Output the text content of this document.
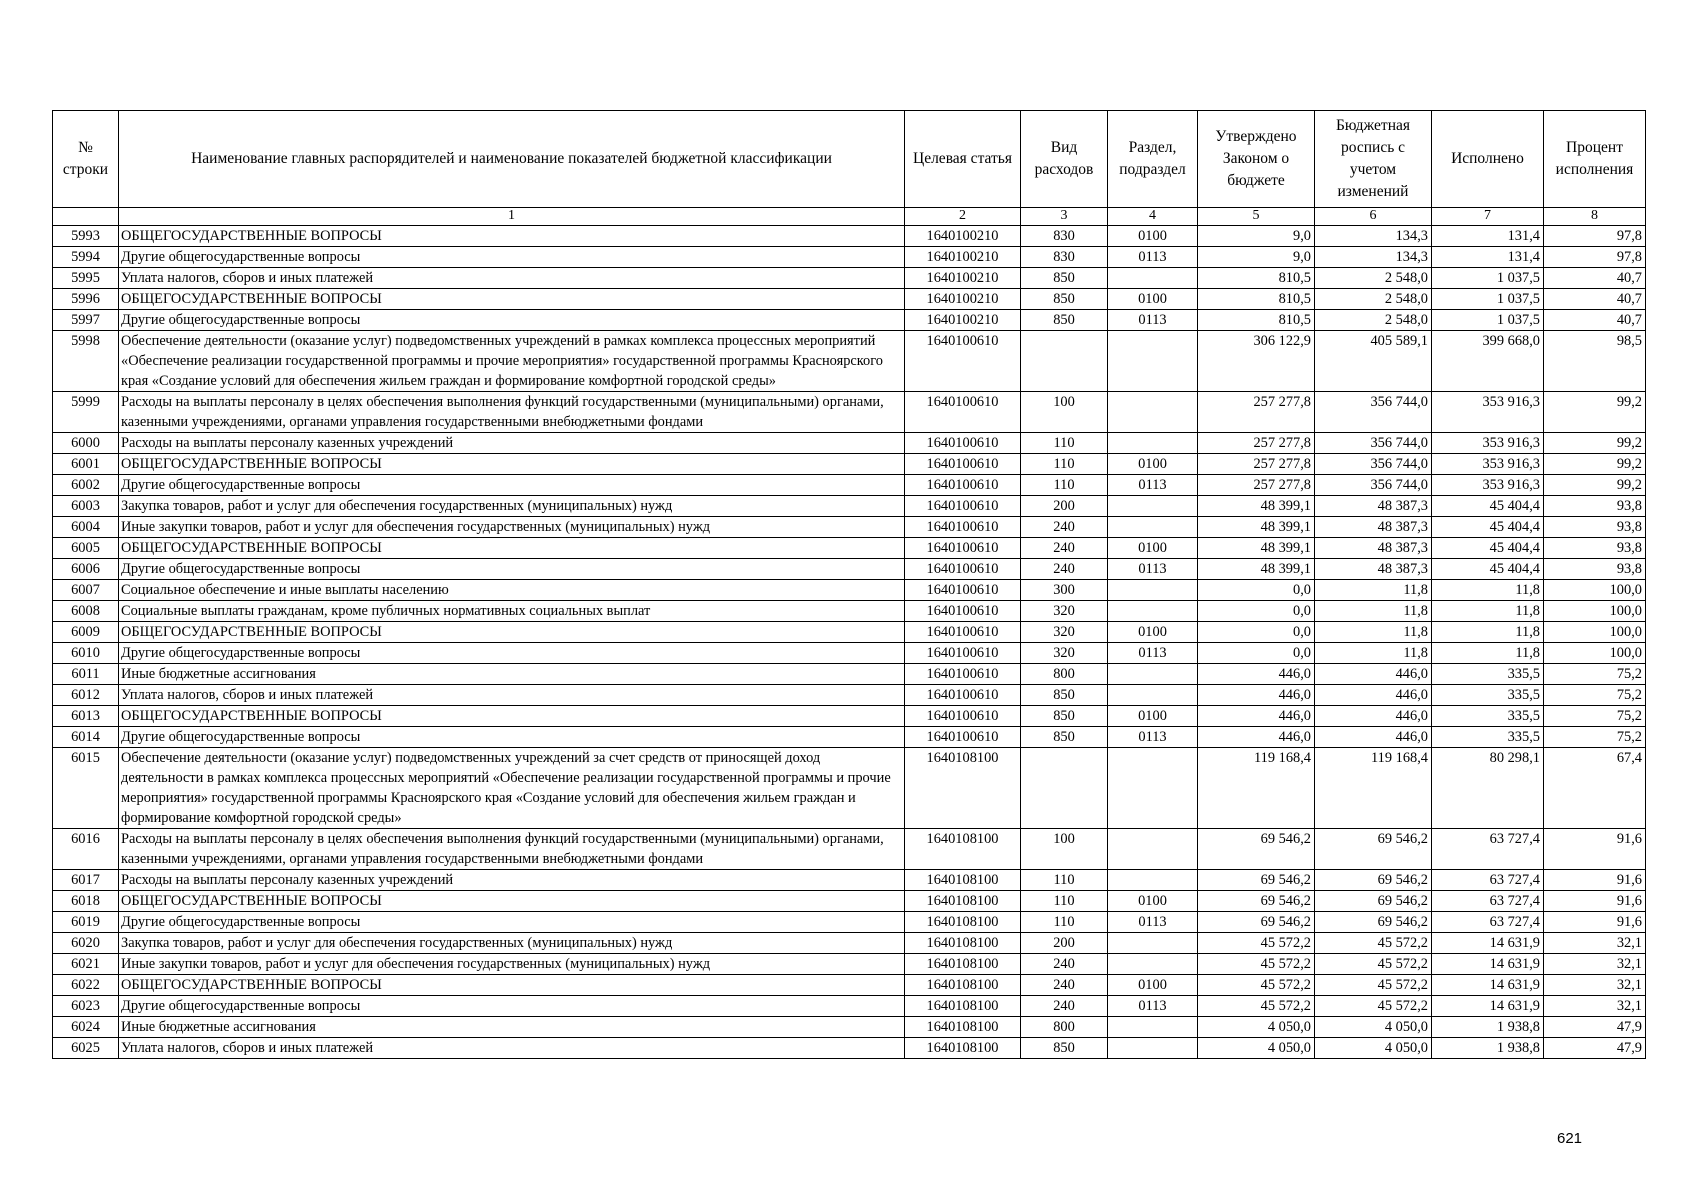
№ строки	Наименование главных распорядителей и наименование показателей бюджетной классификации	Целевая статья	Вид расходов	Раздел, подраздел	Утверждено Законом о бюджете	Бюджетная роспись с учетом изменений	Исполнено	Процент исполнения
	1	2	3	4	5	6	7	8
5993	ОБЩЕГОСУДАРСТВЕННЫЕ ВОПРОСЫ	1640100210	830	0100	9,0	134,3	131,4	97,8
5994	Другие общегосударственные вопросы	1640100210	830	0113	9,0	134,3	131,4	97,8
5995	Уплата налогов, сборов и иных платежей	1640100210	850		810,5	2 548,0	1 037,5	40,7
5996	ОБЩЕГОСУДАРСТВЕННЫЕ ВОПРОСЫ	1640100210	850	0100	810,5	2 548,0	1 037,5	40,7
5997	Другие общегосударственные вопросы	1640100210	850	0113	810,5	2 548,0	1 037,5	40,7
5998	Обеспечение деятельности (оказание услуг) подведомственных учреждений в рамках комплекса процессных мероприятий «Обеспечение реализации государственной программы и прочие мероприятия» государственной программы Красноярского края «Создание условий для обеспечения жильем граждан и формирование комфортной городской среды»	1640100610			306 122,9	405 589,1	399 668,0	98,5
5999	Расходы на выплаты персоналу в целях обеспечения выполнения функций государственными (муниципальными) органами, казенными учреждениями, органами управления государственными внебюджетными фондами	1640100610	100		257 277,8	356 744,0	353 916,3	99,2
6000	Расходы на выплаты персоналу казенных учреждений	1640100610	110		257 277,8	356 744,0	353 916,3	99,2
6001	ОБЩЕГОСУДАРСТВЕННЫЕ ВОПРОСЫ	1640100610	110	0100	257 277,8	356 744,0	353 916,3	99,2
6002	Другие общегосударственные вопросы	1640100610	110	0113	257 277,8	356 744,0	353 916,3	99,2
6003	Закупка товаров, работ и услуг для обеспечения государственных (муниципальных) нужд	1640100610	200		48 399,1	48 387,3	45 404,4	93,8
6004	Иные закупки товаров, работ и услуг для обеспечения государственных (муниципальных) нужд	1640100610	240		48 399,1	48 387,3	45 404,4	93,8
6005	ОБЩЕГОСУДАРСТВЕННЫЕ ВОПРОСЫ	1640100610	240	0100	48 399,1	48 387,3	45 404,4	93,8
6006	Другие общегосударственные вопросы	1640100610	240	0113	48 399,1	48 387,3	45 404,4	93,8
6007	Социальное обеспечение и иные выплаты населению	1640100610	300		0,0	11,8	11,8	100,0
6008	Социальные выплаты гражданам, кроме публичных нормативных социальных выплат	1640100610	320		0,0	11,8	11,8	100,0
6009	ОБЩЕГОСУДАРСТВЕННЫЕ ВОПРОСЫ	1640100610	320	0100	0,0	11,8	11,8	100,0
6010	Другие общегосударственные вопросы	1640100610	320	0113	0,0	11,8	11,8	100,0
6011	Иные бюджетные ассигнования	1640100610	800		446,0	446,0	335,5	75,2
6012	Уплата налогов, сборов и иных платежей	1640100610	850		446,0	446,0	335,5	75,2
6013	ОБЩЕГОСУДАРСТВЕННЫЕ ВОПРОСЫ	1640100610	850	0100	446,0	446,0	335,5	75,2
6014	Другие общегосударственные вопросы	1640100610	850	0113	446,0	446,0	335,5	75,2
6015	Обеспечение деятельности (оказание услуг) подведомственных учреждений за счет средств от приносящей доход деятельности в рамках комплекса процессных мероприятий «Обеспечение реализации государственной программы и прочие мероприятия» государственной программы Красноярского края «Создание условий для обеспечения жильем граждан и формирование комфортной городской среды»	1640108100			119 168,4	119 168,4	80 298,1	67,4
6016	Расходы на выплаты персоналу в целях обеспечения выполнения функций государственными (муниципальными) органами, казенными учреждениями, органами управления государственными внебюджетными фондами	1640108100	100		69 546,2	69 546,2	63 727,4	91,6
6017	Расходы на выплаты персоналу казенных учреждений	1640108100	110		69 546,2	69 546,2	63 727,4	91,6
6018	ОБЩЕГОСУДАРСТВЕННЫЕ ВОПРОСЫ	1640108100	110	0100	69 546,2	69 546,2	63 727,4	91,6
6019	Другие общегосударственные вопросы	1640108100	110	0113	69 546,2	69 546,2	63 727,4	91,6
6020	Закупка товаров, работ и услуг для обеспечения государственных (муниципальных) нужд	1640108100	200		45 572,2	45 572,2	14 631,9	32,1
6021	Иные закупки товаров, работ и услуг для обеспечения государственных (муниципальных) нужд	1640108100	240		45 572,2	45 572,2	14 631,9	32,1
6022	ОБЩЕГОСУДАРСТВЕННЫЕ ВОПРОСЫ	1640108100	240	0100	45 572,2	45 572,2	14 631,9	32,1
6023	Другие общегосударственные вопросы	1640108100	240	0113	45 572,2	45 572,2	14 631,9	32,1
6024	Иные бюджетные ассигнования	1640108100	800		4 050,0	4 050,0	1 938,8	47,9
6025	Уплата налогов, сборов и иных платежей	1640108100	850		4 050,0	4 050,0	1 938,8	47,9
621
